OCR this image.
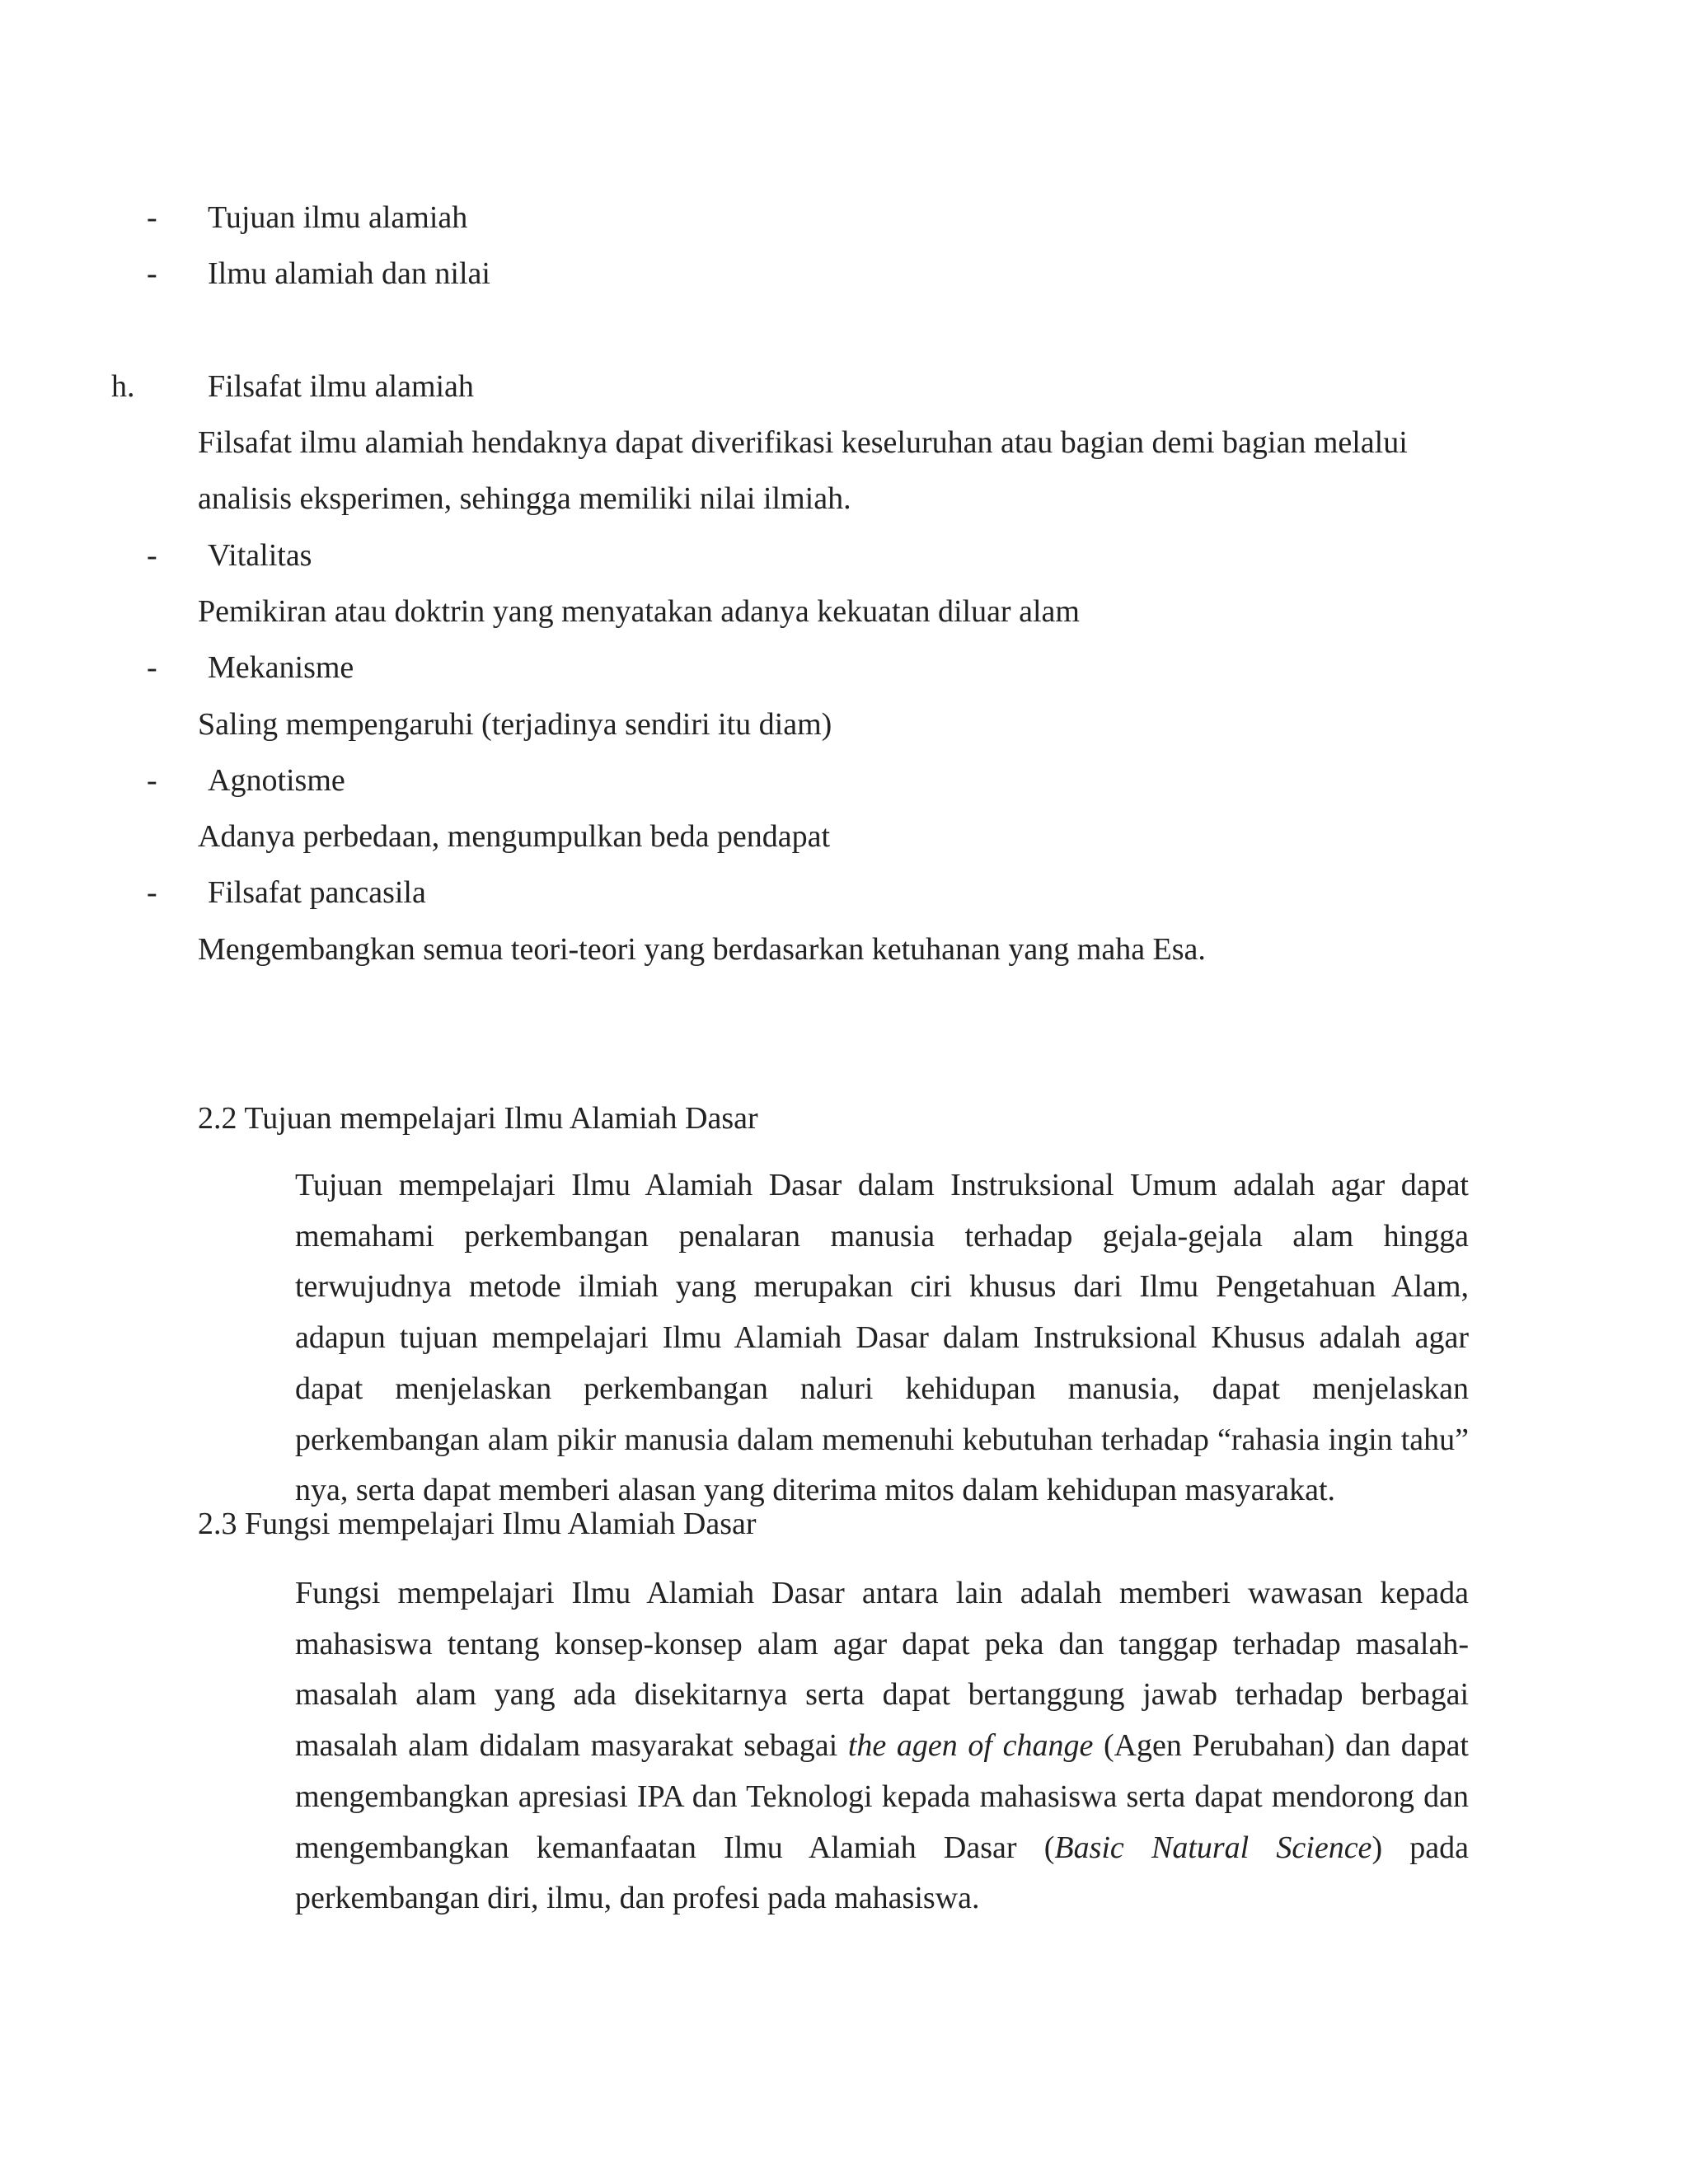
- Tujuan ilmu alamiah
- Ilmu alamiah dan nilai
h. Filsafat ilmu alamiah
Filsafat ilmu alamiah hendaknya dapat diverifikasi keseluruhan atau bagian demi bagian melalui
analisis eksperimen, sehingga memiliki nilai ilmiah.
- Vitalitas
Pemikiran atau doktrin yang menyatakan adanya kekuatan diluar alam
- Mekanisme
Saling mempengaruhi (terjadinya sendiri itu diam)
- Agnotisme
Adanya perbedaan, mengumpulkan beda pendapat
- Filsafat pancasila
Mengembangkan semua teori-teori yang berdasarkan ketuhanan yang maha Esa.
2.2 Tujuan mempelajari Ilmu Alamiah Dasar

Tujuan mempelajari Ilmu Alamiah Dasar dalam Instruksional Umum adalah agar dapat memahami perkembangan penalaran manusia terhadap gejala-gejala alam hingga terwujudnya metode ilmiah yang merupakan ciri khusus dari Ilmu Pengetahuan Alam, adapun tujuan mempelajari Ilmu Alamiah Dasar dalam Instruksional Khusus adalah agar dapat menjelaskan perkembangan naluri kehidupan manusia, dapat menjelaskan perkembangan alam pikir manusia dalam memenuhi kebutuhan terhadap “rahasia ingin tahu” nya, serta dapat memberi alasan yang diterima mitos dalam kehidupan masyarakat.

2.3 Fungsi mempelajari Ilmu Alamiah Dasar

Fungsi mempelajari Ilmu Alamiah Dasar antara lain adalah memberi wawasan kepada mahasiswa tentang konsep-konsep alam agar dapat peka dan tanggap terhadap masalah-masalah alam yang ada disekitarnya serta dapat bertanggung jawab terhadap berbagai masalah alam didalam masyarakat sebagai the agen of change (Agen Perubahan) dan dapat mengembangkan apresiasi IPA dan Teknologi kepada mahasiswa serta dapat mendorong dan mengembangkan kemanfaatan Ilmu Alamiah Dasar (Basic Natural Science) pada perkembangan diri, ilmu, dan profesi pada mahasiswa.
